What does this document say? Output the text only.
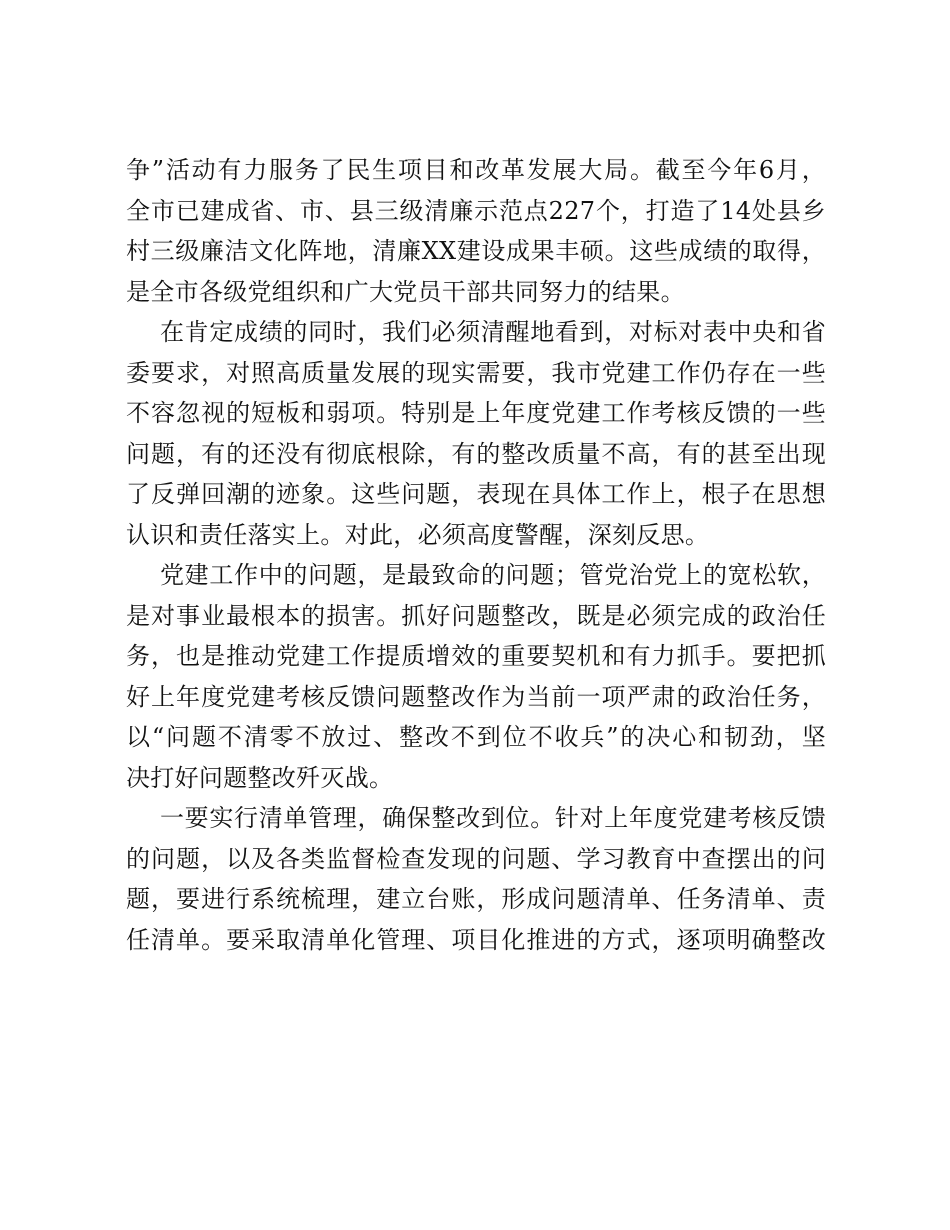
争”活动有力服务了民生项目和改革发展大局。截至今年6月，
全市已建成省、市、县三级清廉示范点227个，打造了14处县乡
村三级廉洁文化阵地，清廉XX建设成果丰硕。这些成绩的取得，
是全市各级党组织和广大党员干部共同努力的结果。
在肯定成绩的同时，我们必须清醒地看到，对标对表中央和省
委要求，对照高质量发展的现实需要，我市党建工作仍存在一些
不容忽视的短板和弱项。特别是上年度党建工作考核反馈的一些
问题，有的还没有彻底根除，有的整改质量不高，有的甚至出现
了反弹回潮的迹象。这些问题，表现在具体工作上，根子在思想
认识和责任落实上。对此，必须高度警醒，深刻反思。
党建工作中的问题，是最致命的问题；管党治党上的宽松软，
是对事业最根本的损害。抓好问题整改，既是必须完成的政治任
务，也是推动党建工作提质增效的重要契机和有力抓手。要把抓
好上年度党建考核反馈问题整改作为当前一项严肃的政治任务，
以“问题不清零不放过、整改不到位不收兵”的决心和韧劲，坚
决打好问题整改歼灭战。
一要实行清单管理，确保整改到位。针对上年度党建考核反馈
的问题，以及各类监督检查发现的问题、学习教育中查摆出的问
题，要进行系统梳理，建立台账，形成问题清单、任务清单、责
任清单。要采取清单化管理、项目化推进的方式，逐项明确整改
